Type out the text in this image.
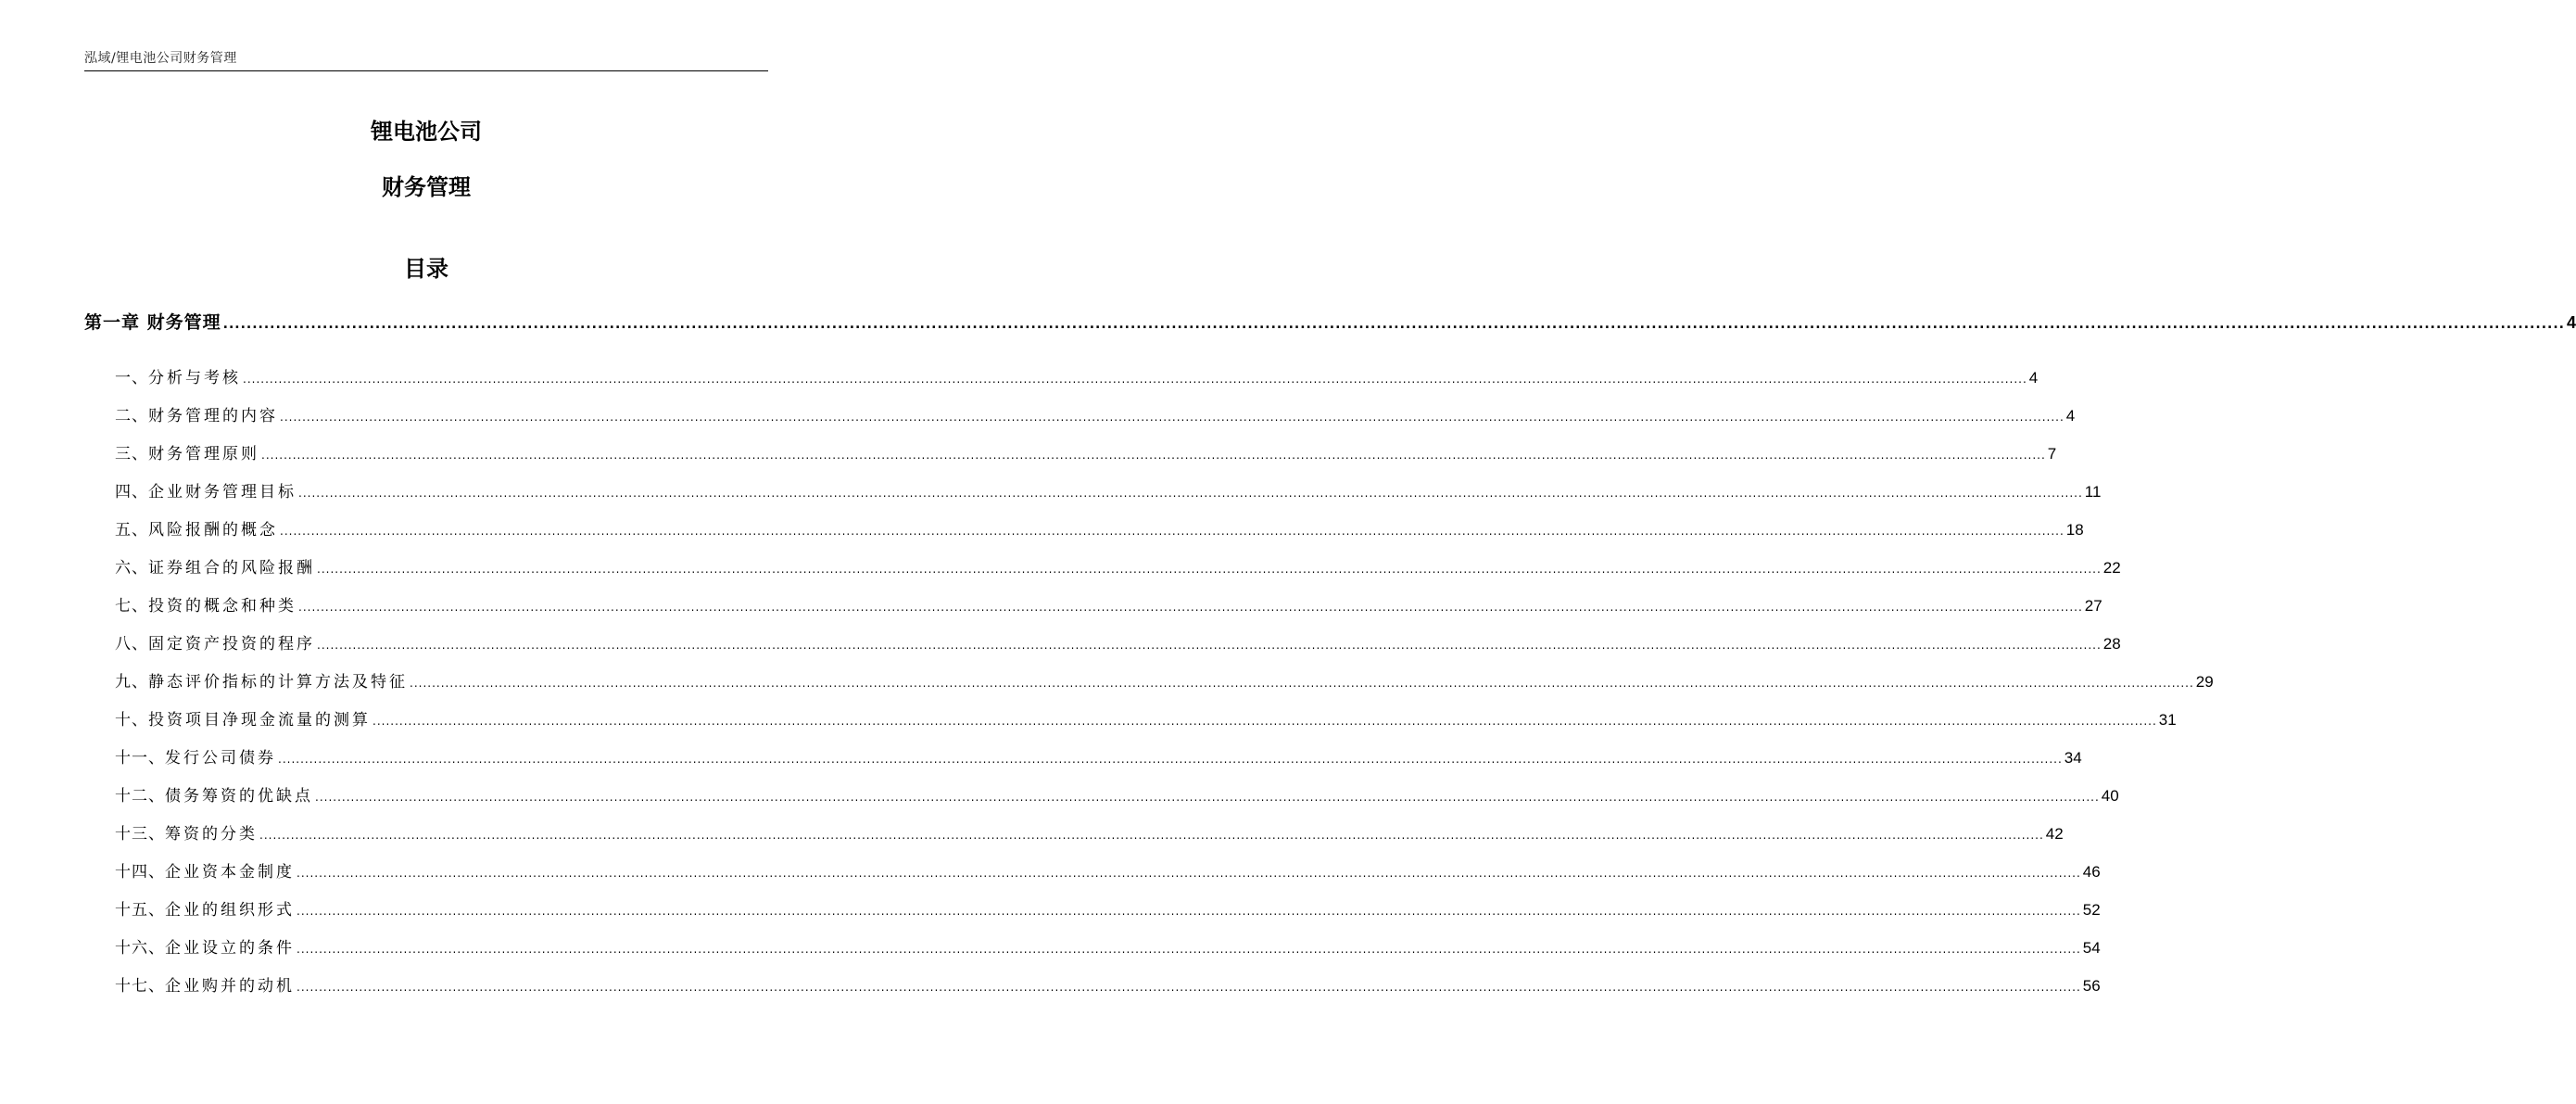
泓域/锂电池公司财务管理
锂电池公司
财务管理
目录
第一章 财务管理 ................................................................................................................................................................................................................................................................................................................................................................................................................ 4
一、 分析与考核 ................................................................................................................................................................................................................................................................................................................................................................................................................ 4
二、 财务管理的内容 ................................................................................................................................................................................................................................................................................................................................................................................................................ 4
三、 财务管理原则 ................................................................................................................................................................................................................................................................................................................................................................................................................ 7
四、 企业财务管理目标 ................................................................................................................................................................................................................................................................................................................................................................................................................ 11
五、 风险报酬的概念 ................................................................................................................................................................................................................................................................................................................................................................................................................ 18
六、 证券组合的风险报酬 ................................................................................................................................................................................................................................................................................................................................................................................................................ 22
七、 投资的概念和种类 ................................................................................................................................................................................................................................................................................................................................................................................................................ 27
八、 固定资产投资的程序 ................................................................................................................................................................................................................................................................................................................................................................................................................ 28
九、 静态评价指标的计算方法及特征 ................................................................................................................................................................................................................................................................................................................................................................................................................ 29
十、 投资项目净现金流量的测算 ................................................................................................................................................................................................................................................................................................................................................................................................................ 31
十一、 发行公司债券 ................................................................................................................................................................................................................................................................................................................................................................................................................ 34
十二、 债务筹资的优缺点 ................................................................................................................................................................................................................................................................................................................................................................................................................ 40
十三、 筹资的分类 ................................................................................................................................................................................................................................................................................................................................................................................................................ 42
十四、 企业资本金制度 ................................................................................................................................................................................................................................................................................................................................................................................................................ 46
十五、 企业的组织形式 ................................................................................................................................................................................................................................................................................................................................................................................................................ 52
十六、 企业设立的条件 ................................................................................................................................................................................................................................................................................................................................................................................................................ 54
十七、 企业购并的动机 ................................................................................................................................................................................................................................................................................................................................................................................................................ 56
